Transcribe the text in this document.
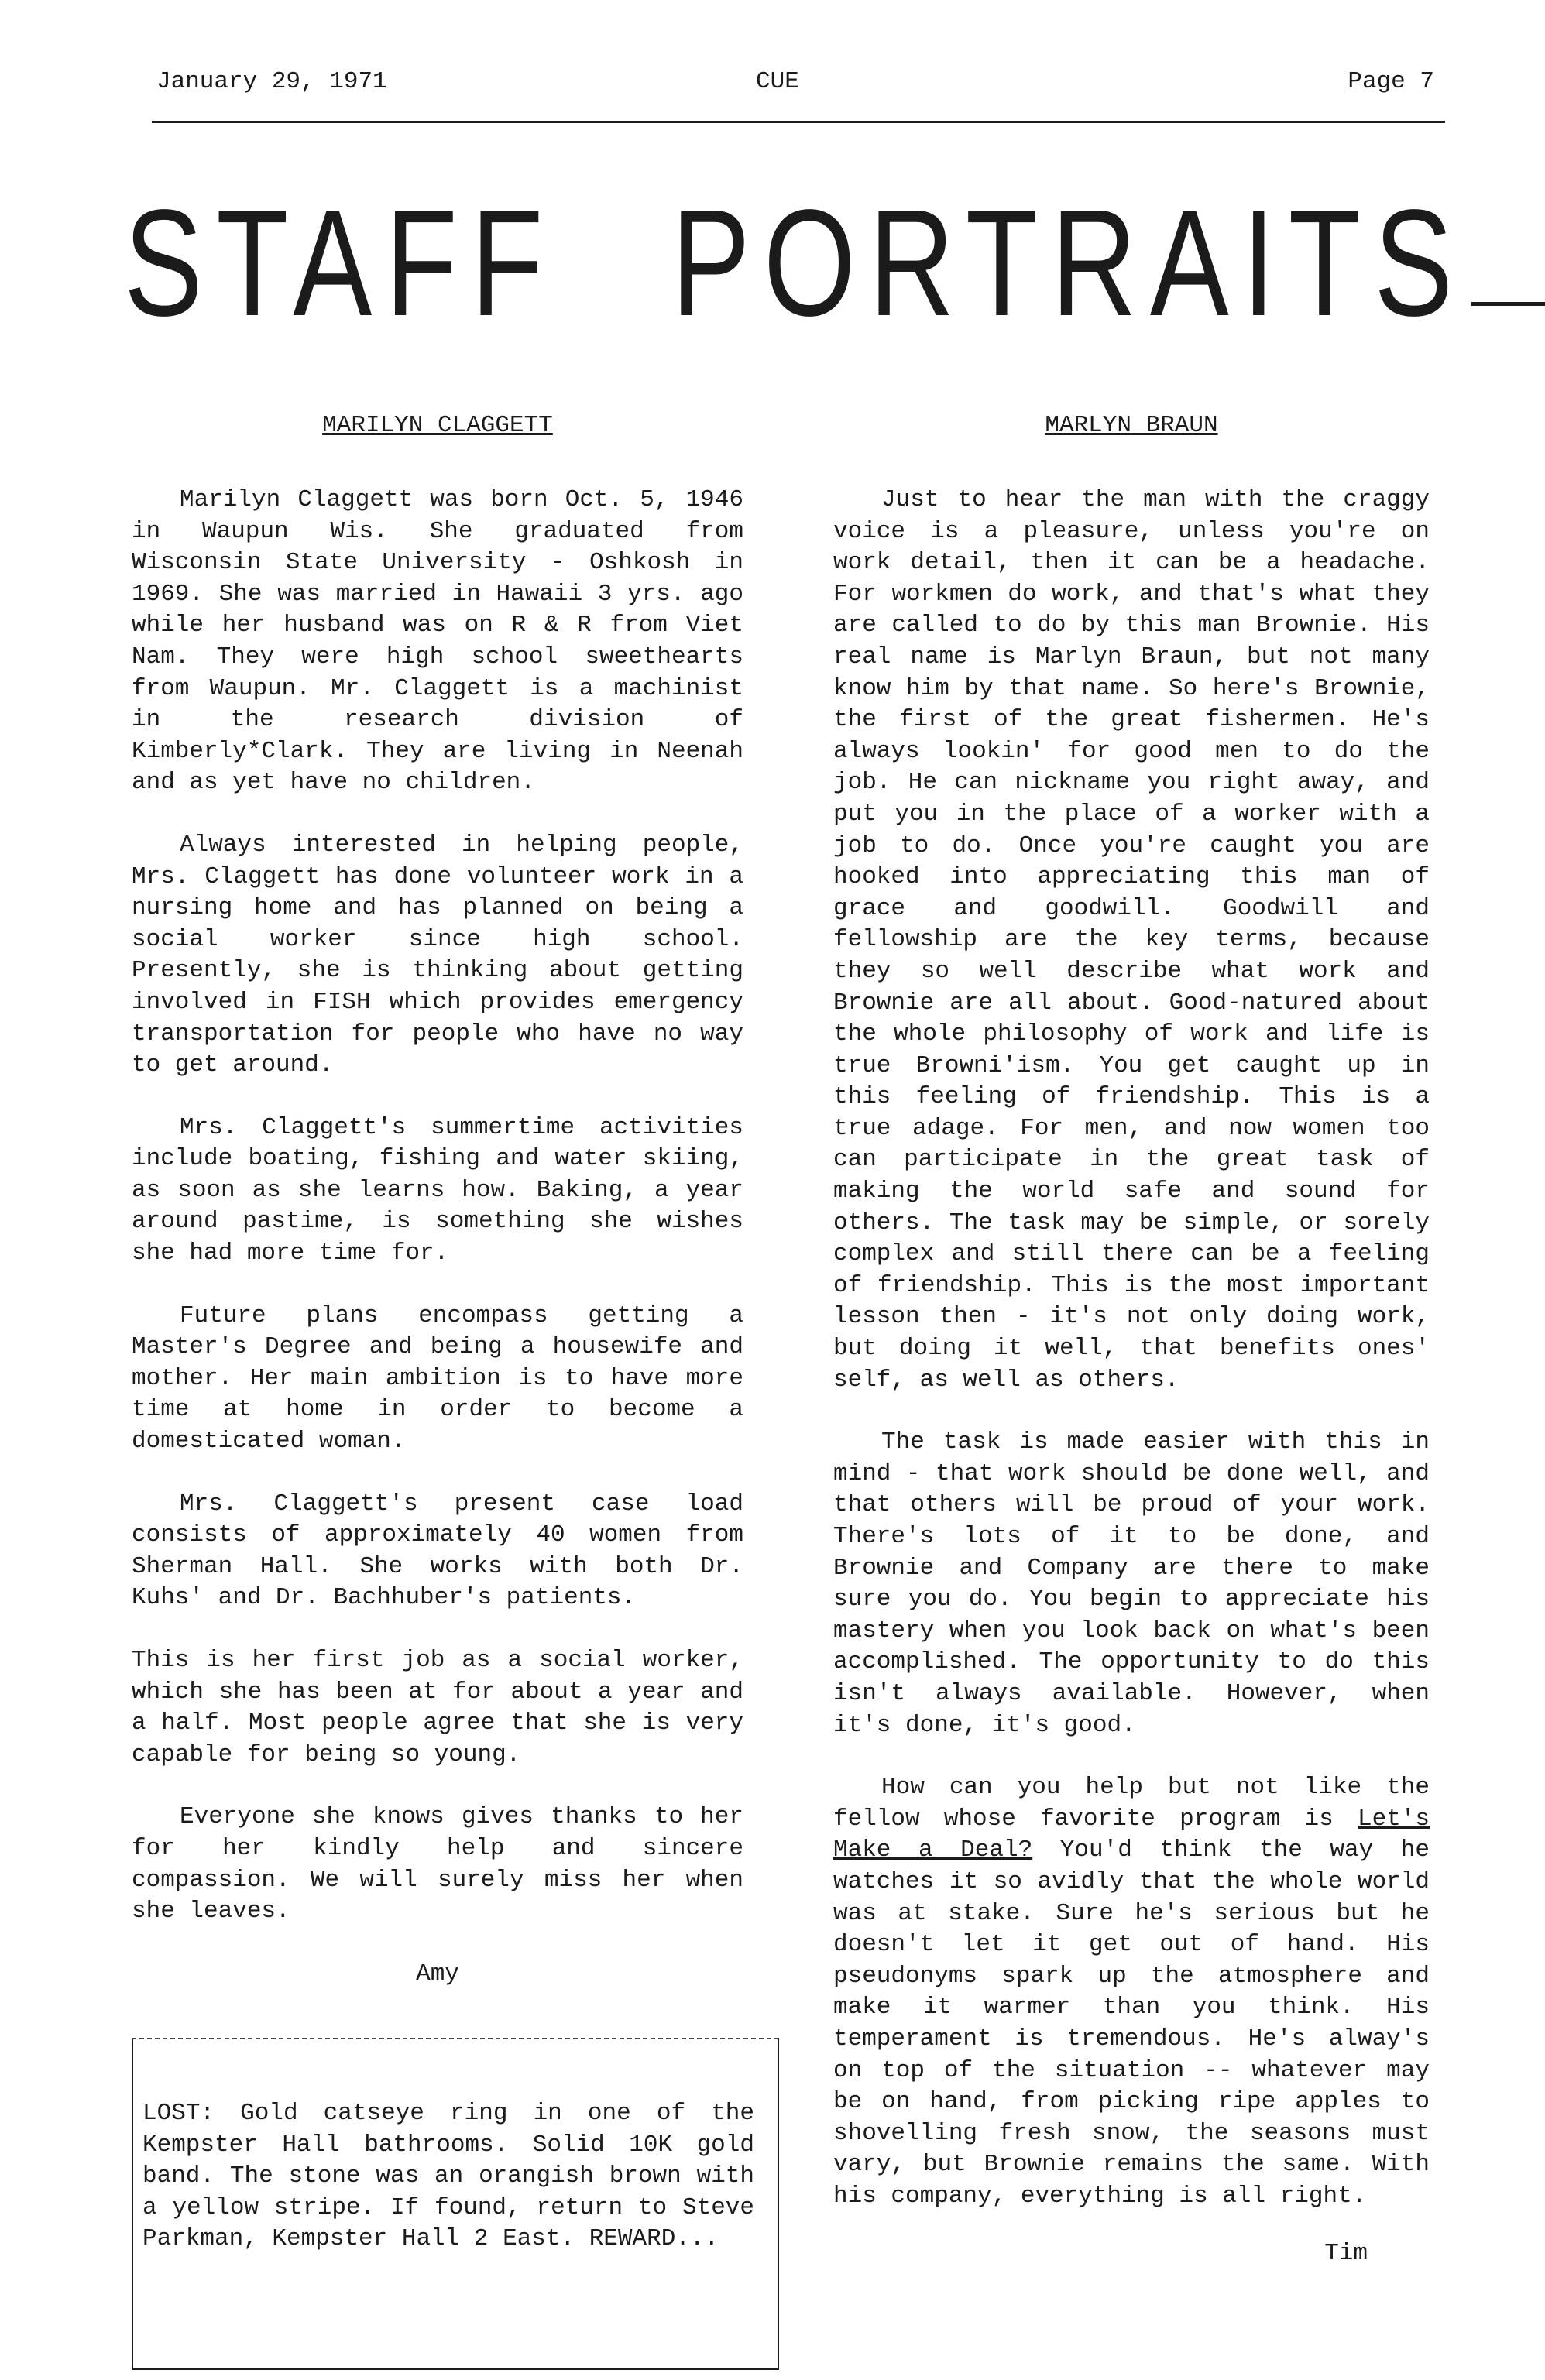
January 29, 1971	CUE	Page 7
STAFF PORTRAITS
MARILYN CLAGGETT

Marilyn Claggett was born Oct. 5, 1946 in Waupun Wis. She graduated from Wisconsin State University - Oshkosh in 1969. She was married in Hawaii 3 yrs. ago while her husband was on R & R from Viet Nam. They were high school sweethearts from Waupun. Mr. Claggett is a machinist in the research division of Kimberly*Clark. They are living in Neenah and as yet have no children.

Always interested in helping people, Mrs. Claggett has done volunteer work in a nursing home and has planned on being a social worker since high school. Presently, she is thinking about getting involved in FISH which provides emergency transportation for people who have no way to get around.

Mrs. Claggett's summertime activities include boating, fishing and water skiing, as soon as she learns how. Baking, a year around pastime, is something she wishes she had more time for.

Future plans encompass getting a Master's Degree and being a housewife and mother. Her main ambition is to have more time at home in order to become a domesticated woman.

Mrs. Claggett's present case load consists of approximately 40 women from Sherman Hall. She works with both Dr. Kuhs' and Dr. Bachhuber's patients.

This is her first job as a social worker, which she has been at for about a year and a half. Most people agree that she is very capable for being so young.

Everyone she knows gives thanks to her for her kindly help and sincere compassion. We will surely miss her when she leaves.

Amy
LOST: Gold catseye ring in one of the Kempster Hall bathrooms. Solid 10K gold band. The stone was an orangish brown with a yellow stripe. If found, return to Steve Parkman, Kempster Hall 2 East. REWARD...
MARLYN BRAUN

Just to hear the man with the craggy voice is a pleasure, unless you're on work detail, then it can be a headache. For workmen do work, and that's what they are called to do by this man Brownie. His real name is Marlyn Braun, but not many know him by that name. So here's Brownie, the first of the great fishermen. He's always lookin' for good men to do the job. He can nickname you right away, and put you in the place of a worker with a job to do. Once you're caught you are hooked into appreciating this man of grace and goodwill. Goodwill and fellowship are the key terms, because they so well describe what work and Brownie are all about. Good-natured about the whole philosophy of work and life is true Browni'ism. You get caught up in this feeling of friendship. This is a true adage. For men, and now women too can participate in the great task of making the world safe and sound for others. The task may be simple, or sorely complex and still there can be a feeling of friendship. This is the most important lesson then - it's not only doing work, but doing it well, that benefits ones' self, as well as others.

The task is made easier with this in mind - that work should be done well, and that others will be proud of your work. There's lots of it to be done, and Brownie and Company are there to make sure you do. You begin to appreciate his mastery when you look back on what's been accomplished. The opportunity to do this isn't always available. However, when it's done, it's good.

How can you help but not like the fellow whose favorite program is Let's Make a Deal? You'd think the way he watches it so avidly that the whole world was at stake. Sure he's serious but he doesn't let it get out of hand. His pseudonyms spark up the atmosphere and make it warmer than you think. His temperament is tremendous. He's alway's on top of the situation -- whatever may be on hand, from picking ripe apples to shovelling fresh snow, the seasons must vary, but Brownie remains the same. With his company, everything is all right.

Tim
